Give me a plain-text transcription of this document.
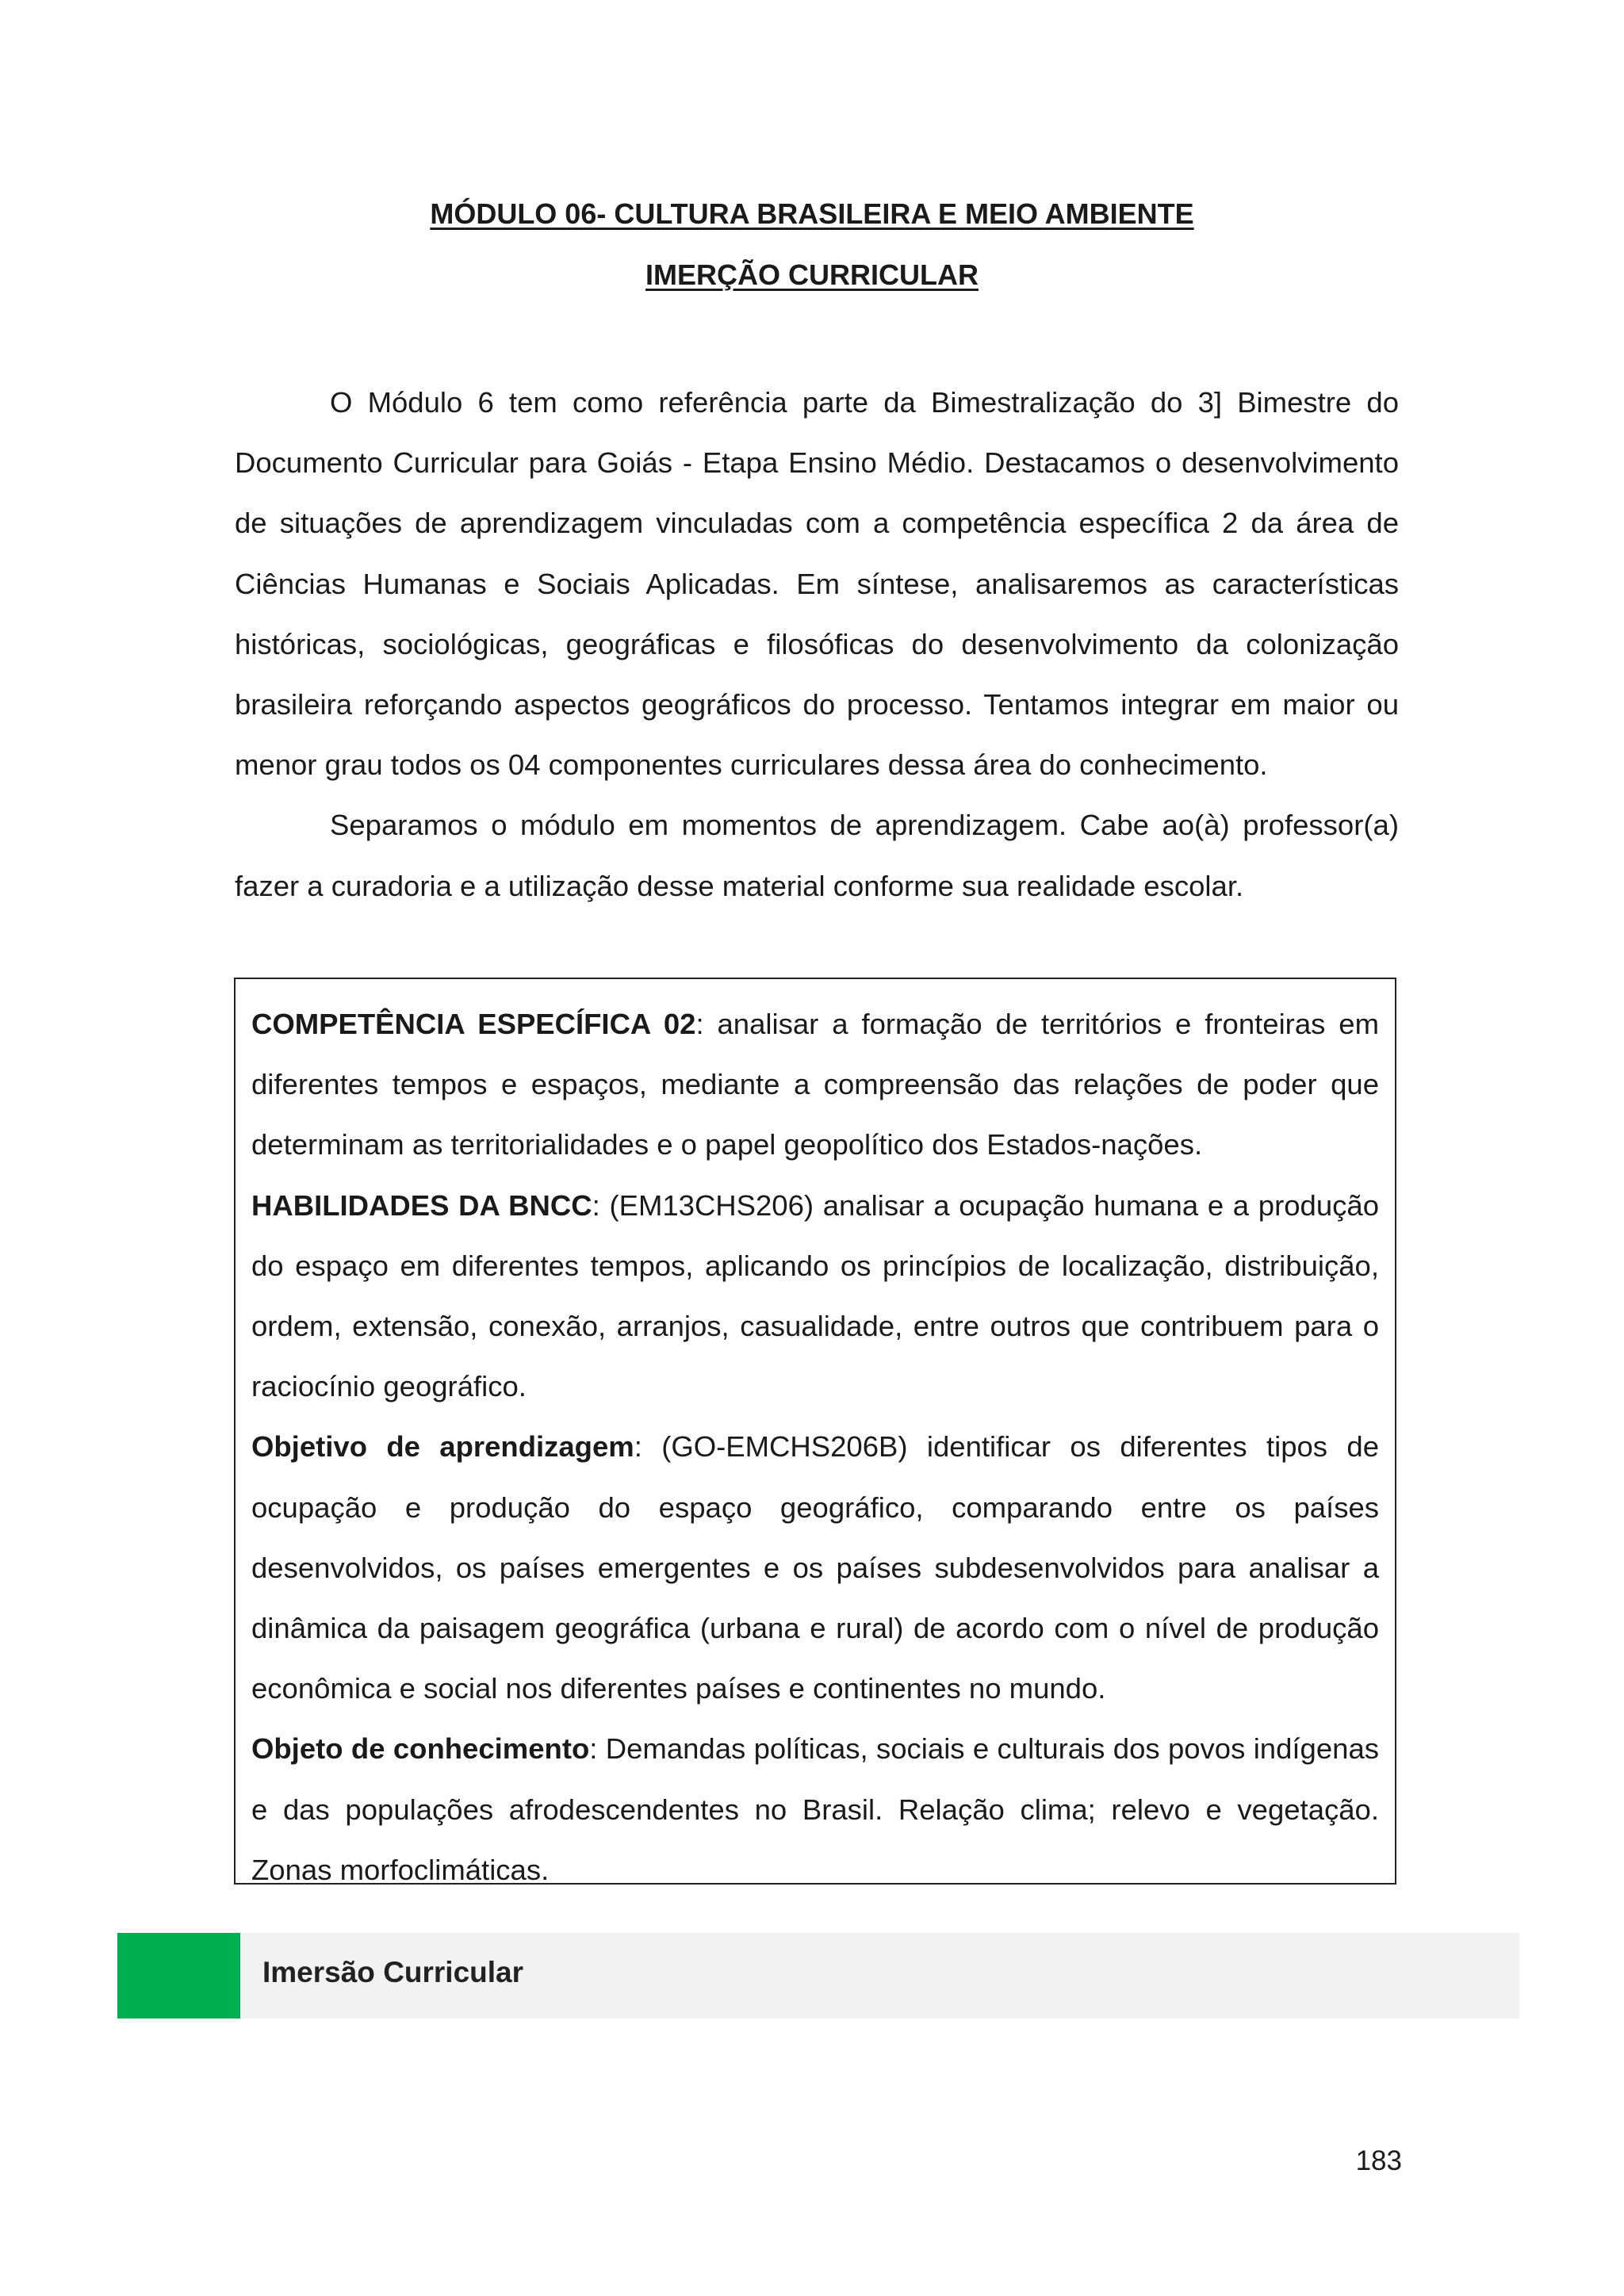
MÓDULO 06- CULTURA BRASILEIRA E MEIO AMBIENTE
IMERÇÃO CURRICULAR

O Módulo 6 tem como referência parte da Bimestralização do 3] Bimestre do Documento Curricular para Goiás - Etapa Ensino Médio. Destacamos o desenvolvimento de situações de aprendizagem vinculadas com a competência específica 2 da área de Ciências Humanas e Sociais Aplicadas. Em síntese, analisaremos as características históricas, sociológicas, geográficas e filosóficas do desenvolvimento da colonização brasileira reforçando aspectos geográficos do processo. Tentamos integrar em maior ou menor grau todos os 04 componentes curriculares dessa área do conhecimento.

Separamos o módulo em momentos de aprendizagem. Cabe ao(à) professor(a) fazer a curadoria e a utilização desse material conforme sua realidade escolar.

COMPETÊNCIA ESPECÍFICA 02: analisar a formação de territórios e fronteiras em diferentes tempos e espaços, mediante a compreensão das relações de poder que determinam as territorialidades e o papel geopolítico dos Estados-nações.

HABILIDADES DA BNCC: (EM13CHS206) analisar a ocupação humana e a produção do espaço em diferentes tempos, aplicando os princípios de localização, distribuição, ordem, extensão, conexão, arranjos, casualidade, entre outros que contribuem para o raciocínio geográfico.

Objetivo de aprendizagem: (GO-EMCHS206B) identificar os diferentes tipos de ocupação e produção do espaço geográfico, comparando entre os países desenvolvidos, os países emergentes e os países subdesenvolvidos para analisar a dinâmica da paisagem geográfica (urbana e rural) de acordo com o nível de produção econômica e social nos diferentes países e continentes no mundo.

Objeto de conhecimento: Demandas políticas, sociais e culturais dos povos indígenas e das populações afrodescendentes no Brasil. Relação clima; relevo e vegetação. Zonas morfoclimáticas.

Imersão Curricular
183
